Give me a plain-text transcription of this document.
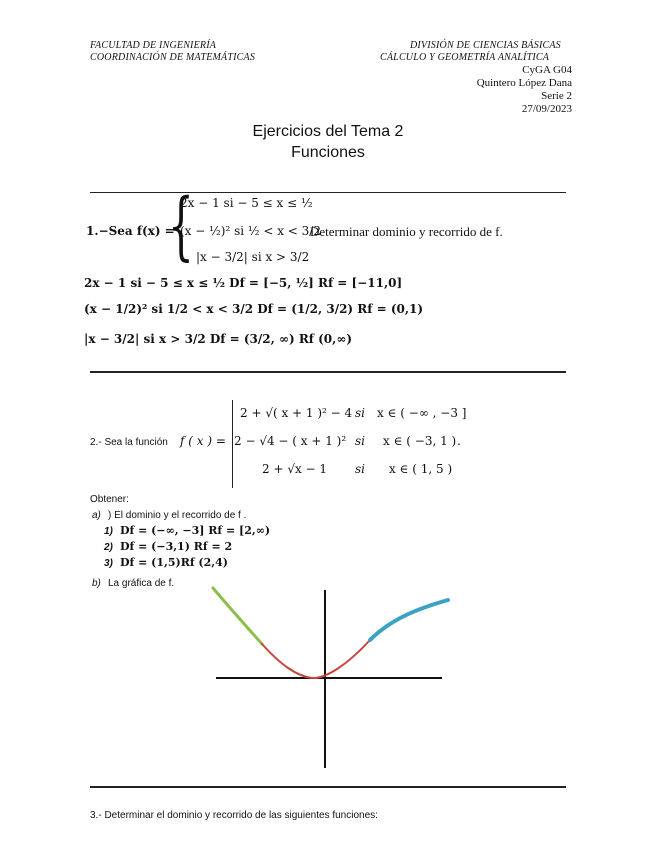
FACULTAD DE INGENIERÍA
COORDINACIÓN DE MATEMÁTICAS
DIVISIÓN DE CIENCIAS BÁSICAS
CÁLCULO Y GEOMETRÍA ANALÍTICA
CyGA G04
Quintero López Dana
Serie 2
27/09/2023
Ejercicios del Tema 2
Funciones
1.−Sea f(x) =
{
2x − 1 si − 5 ≤ x ≤ ½
(x − ½)² si ½ < x < 3/2
|x − 3/2| si x > 3/2
Determinar dominio y recorrido de f.
2x − 1 si − 5 ≤ x ≤ ½ Df = [−5, ½] Rf = [−11,0]
(x − 1/2)² si 1/2 < x < 3/2 Df = (1/2, 3/2) Rf = (0,1)
|x − 3/2| si x > 3/2 Df = (3/2, ∞) Rf (0,∞)
2.- Sea la función f ( x ) =
2 + √( x + 1 )² − 4 si x ∈ ( −∞ , −3 ]
2 − √4 − ( x + 1 )² si x ∈ ( −3, 1 ) .
2 + √x − 1 si x ∈ ( 1, 5 )
Obtener:
a) ) El dominio y el recorrido de f .
1) Df = (−∞, −3] Rf = [2,∞)
2) Df = (−3,1) Rf = 2
3) Df = (1,5)Rf (2,4)
b) La gráfica de f.
3.- Determinar el dominio y recorrido de las siguientes funciones:
